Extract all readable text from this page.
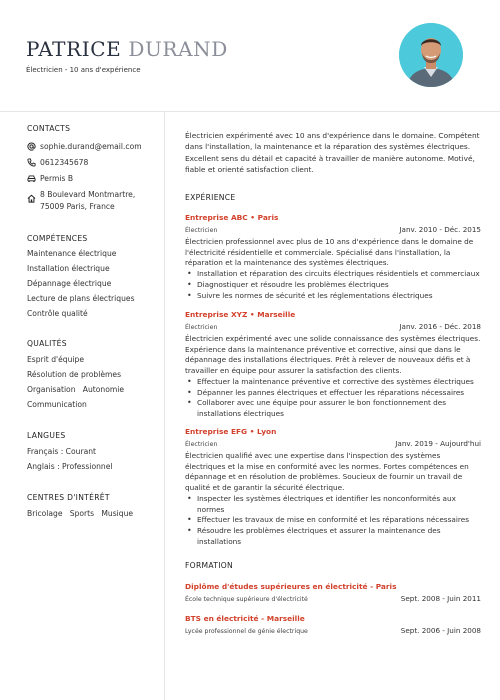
PATRICE DURAND
Électricien - 10 ans d'expérience
CONTACTS
sophie.durand@email.com
0612345678
Permis B
8 Boulevard Montmartre,
75009 Paris, France
COMPÉTENCES
Maintenance électrique
Installation électrique
Dépannage électrique
Lecture de plans électriques
Contrôle qualité
QUALITÉS
Esprit d'équipe
Résolution de problèmes
Organisation   Autonomie
Communication
LANGUES
Français : Courant
Anglais : Professionnel
CENTRES D'INTÉRÊT
Bricolage   Sports   Musique
Électricien expérimenté avec 10 ans d'expérience dans le domaine. Compétent dans l'installation, la maintenance et la réparation des systèmes électriques. Excellent sens du détail et capacité à travailler de manière autonome. Motivé, fiable et orienté satisfaction client.
EXPÉRIENCE
Entreprise ABC • Paris
Électricien	Janv. 2010 - Déc. 2015
Électricien professionnel avec plus de 10 ans d'expérience dans le domaine de l'électricité résidentielle et commerciale. Spécialisé dans l'installation, la réparation et la maintenance des systèmes électriques.
• Installation et réparation des circuits électriques résidentiels et commerciaux
• Diagnostiquer et résoudre les problèmes électriques
• Suivre les normes de sécurité et les réglementations électriques
Entreprise XYZ • Marseille
Électricien	Janv. 2016 - Déc. 2018
Électricien expérimenté avec une solide connaissance des systèmes électriques. Expérience dans la maintenance préventive et corrective, ainsi que dans le dépannage des installations électriques. Prêt à relever de nouveaux défis et à travailler en équipe pour assurer la satisfaction des clients.
• Effectuer la maintenance préventive et corrective des systèmes électriques
• Dépanner les pannes électriques et effectuer les réparations nécessaires
• Collaborer avec une équipe pour assurer le bon fonctionnement des installations électriques
Entreprise EFG • Lyon
Électricien	Janv. 2019 - Aujourd'hui
Électricien qualifié avec une expertise dans l'inspection des systèmes électriques et la mise en conformité avec les normes. Fortes compétences en dépannage et en résolution de problèmes. Soucieux de fournir un travail de qualité et de garantir la sécurité électrique.
• Inspecter les systèmes électriques et identifier les nonconformités aux normes
• Effectuer les travaux de mise en conformité et les réparations nécessaires
• Résoudre les problèmes électriques et assurer la maintenance des installations
FORMATION
Diplôme d'études supérieures en électricité - Paris
École technique supérieure d'électricité	Sept. 2008 - Juin 2011
BTS en électricité - Marseille
Lycée professionnel de génie électrique	Sept. 2006 - Juin 2008
